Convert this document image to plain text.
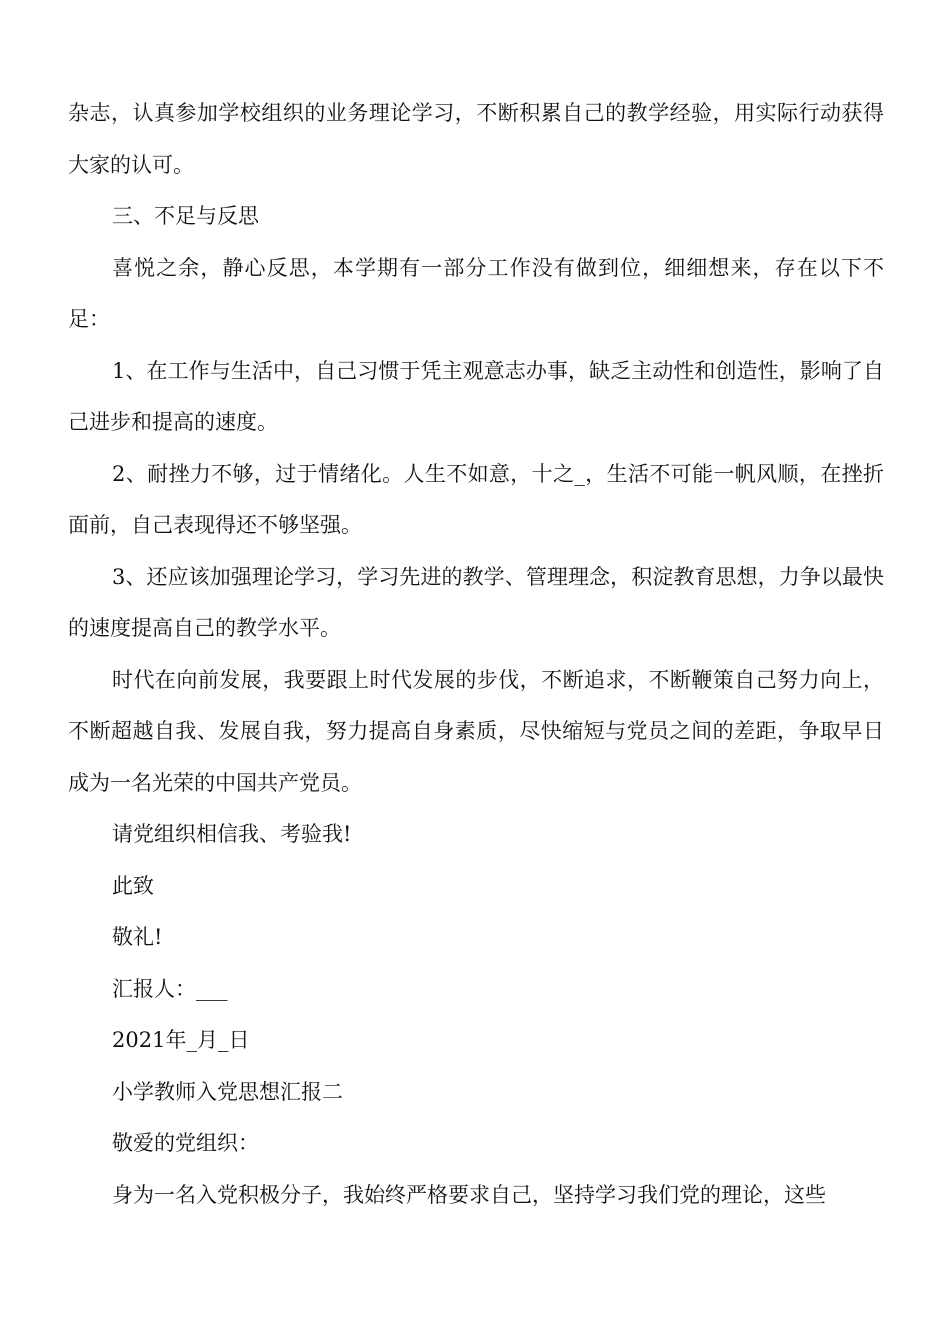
杂志，认真参加学校组织的业务理论学习，不断积累自己的教学经验，用实际行动获得大家的认可。

三、不足与反思

喜悦之余，静心反思，本学期有一部分工作没有做到位，细细想来，存在以下不足：

1、在工作与生活中，自己习惯于凭主观意志办事，缺乏主动性和创造性，影响了自己进步和提高的速度。

2、耐挫力不够，过于情绪化。人生不如意，十之_，生活不可能一帆风顺，在挫折面前，自己表现得还不够坚强。

3、还应该加强理论学习，学习先进的教学、管理理念，积淀教育思想，力争以最快的速度提高自己的教学水平。

时代在向前发展，我要跟上时代发展的步伐，不断追求，不断鞭策自己努力向上，不断超越自我、发展自我，努力提高自身素质，尽快缩短与党员之间的差距，争取早日成为一名光荣的中国共产党员。

请党组织相信我、考验我!

此致

敬礼!

汇报人：___

2021年_月_日

小学教师入党思想汇报二

敬爱的党组织：

身为一名入党积极分子，我始终严格要求自己，坚持学习我们党的理论，这些
